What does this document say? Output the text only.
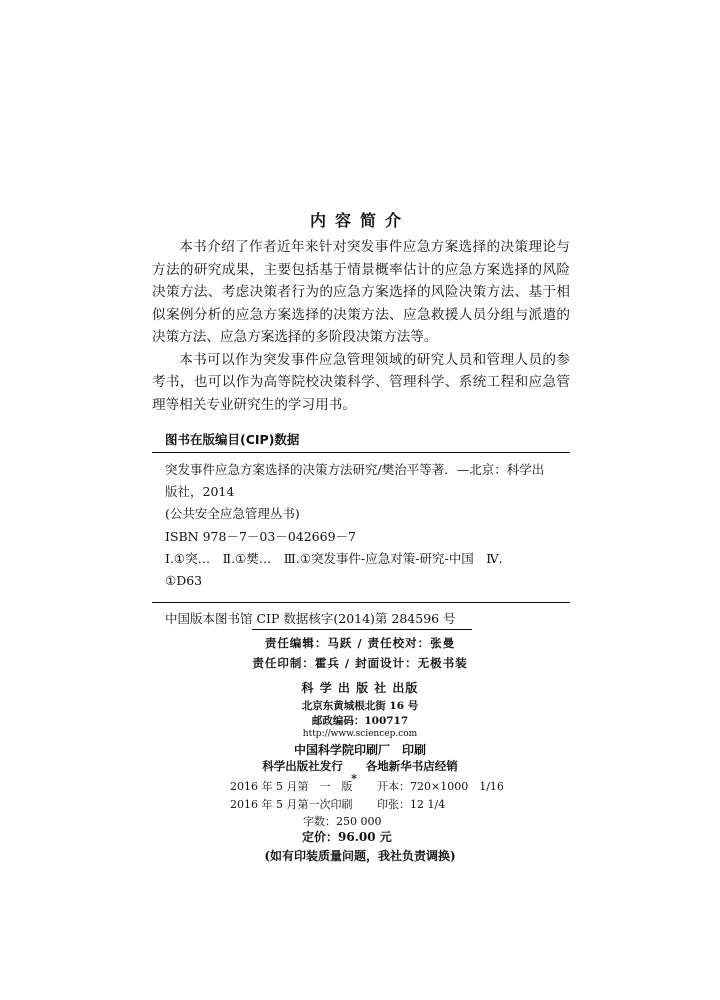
内容简介

本书介绍了作者近年来针对突发事件应急方案选择的决策理论与方法的研究成果，主要包括基于情景概率估计的应急方案选择的风险决策方法、考虑决策者行为的应急方案选择的风险决策方法、基于相似案例分析的应急方案选择的决策方法、应急救援人员分组与派遣的决策方法、应急方案选择的多阶段决策方法等。

本书可以作为突发事件应急管理领域的研究人员和管理人员的参考书，也可以作为高等院校决策科学、管理科学、系统工程和应急管理等相关专业研究生的学习用书。

图书在版编目(CIP)数据
突发事件应急方案选择的决策方法研究/樊治平等著．—北京：科学出
版社，2014
(公共安全应急管理丛书)
ISBN 978－7－03－042669－7
Ⅰ.①突…　Ⅱ.①樊…　Ⅲ.①突发事件-应急对策-研究-中国　Ⅳ.
①D63
中国版本图书馆 CIP 数据核字(2014)第 284596 号
责任编辑：马跃 / 责任校对：张曼
责任印制：霍兵 / 封面设计：无极书装
科 学 出 版 社 出版
北京东黄城根北街 16 号
邮政编码：100717
http://www.sciencep.com
中国科学院印刷厂　印刷
科学出版社发行　　各地新华书店经销
*
2016 年 5 月第　一　版	开本：720×1000　1/16
2016 年 5 月第一次印刷	印张：12 1/4
字数：250 000
定价：96.00 元
(如有印装质量问题，我社负责调换)
